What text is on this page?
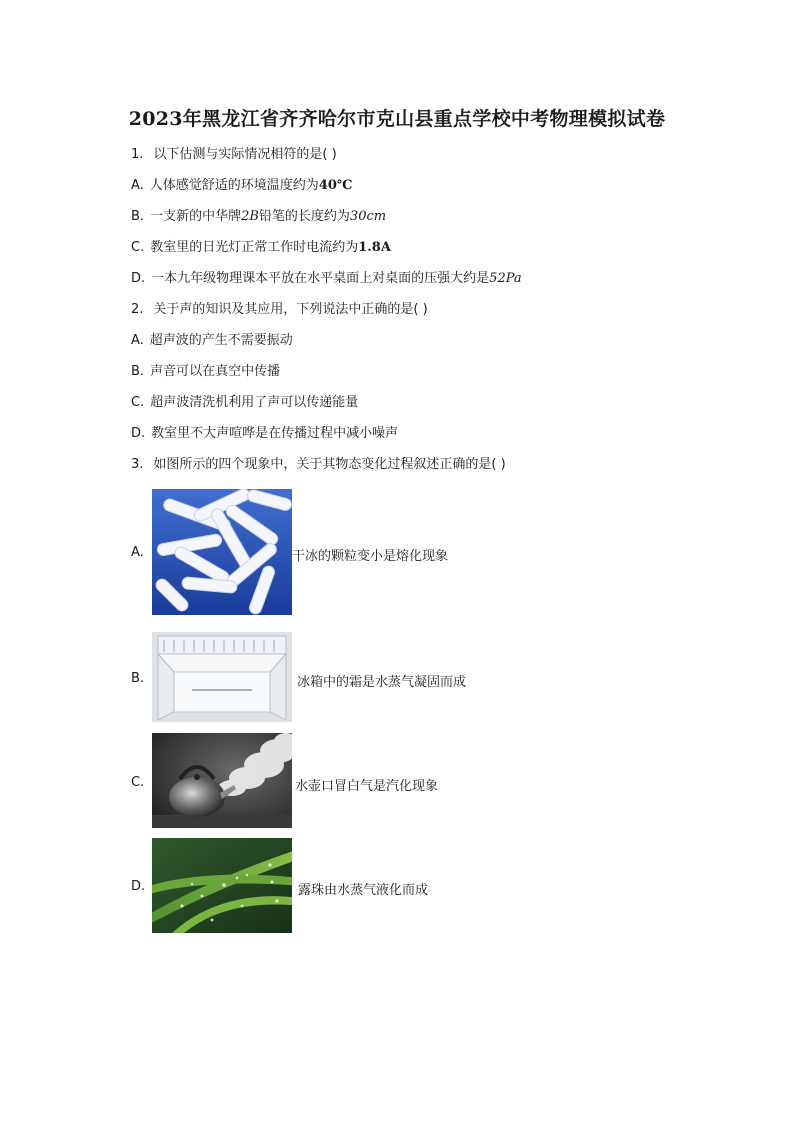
2023年黑龙江省齐齐哈尔市克山县重点学校中考物理模拟试卷
1. 以下估测与实际情况相符的是( )
A. 人体感觉舒适的环境温度约为40℃
B. 一支新的中华牌2B铅笔的长度约为30cm
C. 教室里的日光灯正常工作时电流约为1.8A
D. 一本九年级物理课本平放在水平桌面上对桌面的压强大约是52Pa
2. 关于声的知识及其应用，下列说法中正确的是( )
A. 超声波的产生不需要振动
B. 声音可以在真空中传播
C. 超声波清洗机利用了声可以传递能量
D. 教室里不大声喧哗是在传播过程中减小噪声
3. 如图所示的四个现象中，关于其物态变化过程叙述正确的是( )
A.	干冰的颗粒变小是熔化现象
B.	冰箱中的霜是水蒸气凝固而成
C.	水壶口冒白气是汽化现象
D.	露珠由水蒸气液化而成
